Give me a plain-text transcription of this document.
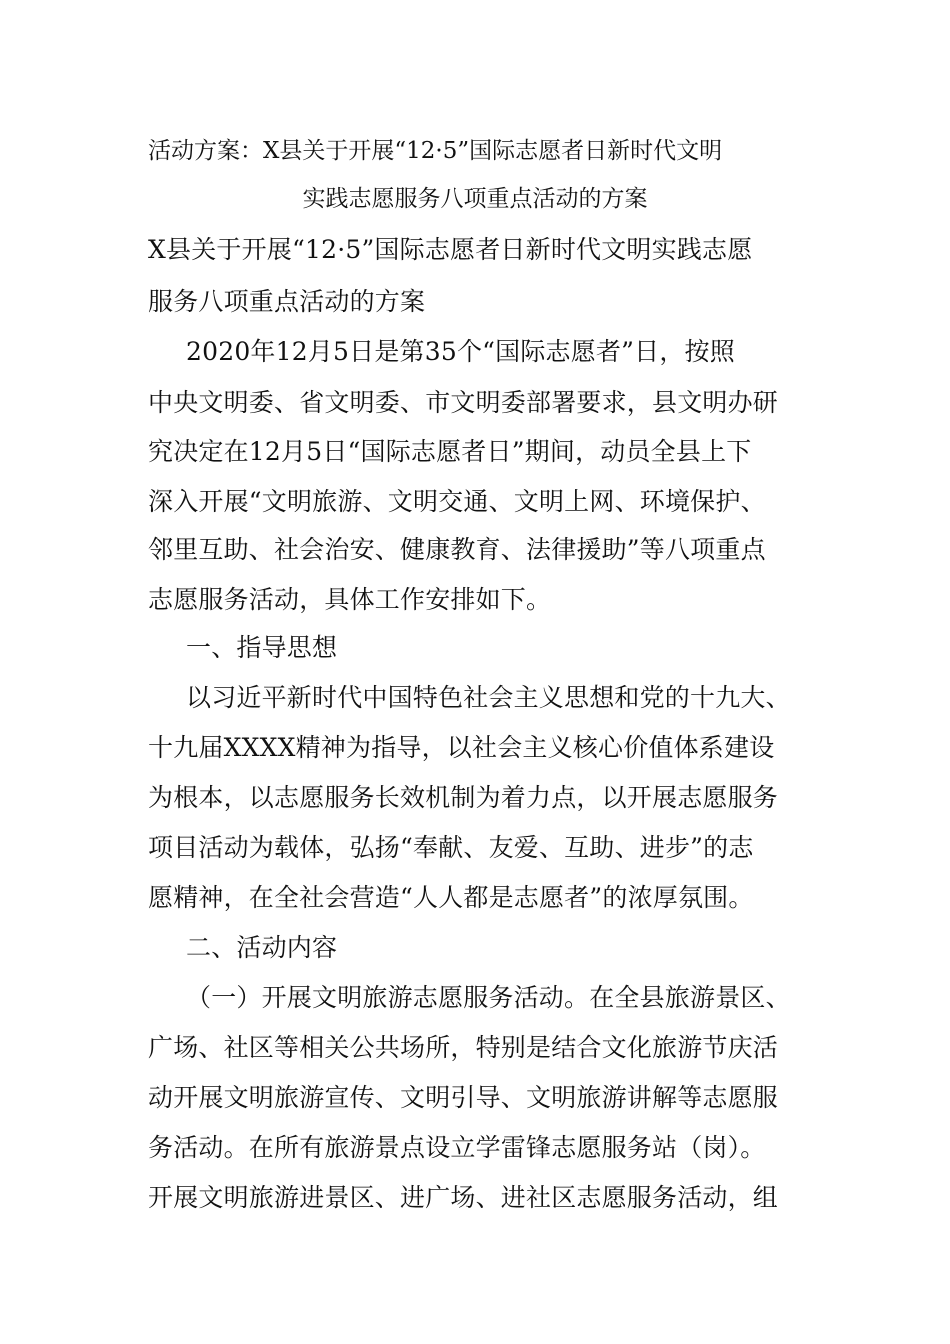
活动方案：X县关于开展“12·5”国际志愿者日新时代文明
实践志愿服务八项重点活动的方案
X县关于开展“12·5”国际志愿者日新时代文明实践志愿
服务八项重点活动的方案
2020年12月5日是第35个“国际志愿者”日，按照
中央文明委、省文明委、市文明委部署要求，县文明办研
究决定在12月5日“国际志愿者日”期间，动员全县上下
深入开展“文明旅游、文明交通、文明上网、环境保护、
邻里互助、社会治安、健康教育、法律援助”等八项重点
志愿服务活动，具体工作安排如下。
一、指导思想
以习近平新时代中国特色社会主义思想和党的十九大、
十九届XXXX精神为指导，以社会主义核心价值体系建设
为根本，以志愿服务长效机制为着力点，以开展志愿服务
项目活动为载体，弘扬“奉献、友爱、互助、进步”的志
愿精神，在全社会营造“人人都是志愿者”的浓厚氛围。
二、活动内容
（一）开展文明旅游志愿服务活动。在全县旅游景区、
广场、社区等相关公共场所，特别是结合文化旅游节庆活
动开展文明旅游宣传、文明引导、文明旅游讲解等志愿服
务活动。在所有旅游景点设立学雷锋志愿服务站（岗）。
开展文明旅游进景区、进广场、进社区志愿服务活动，组
